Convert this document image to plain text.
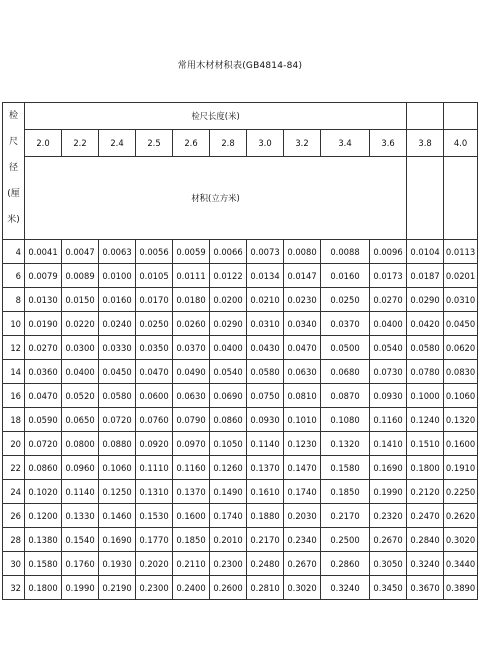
常用木材材积表(GB4814-84)
检
尺
径
(厘
米)	检尺长度(米)											
	2.0	2.2	2.4	2.5	2.6	2.8	3.0	3.2	3.4	3.6	3.8	4.0
	材积(立方米)											
4	0.0041	0.0047	0.0063	0.0056	0.0059	0.0066	0.0073	0.0080	0.0088	0.0096	0.0104	0.0113
6	0.0079	0.0089	0.0100	0.0105	0.0111	0.0122	0.0134	0.0147	0.0160	0.0173	0.0187	0.0201
8	0.0130	0.0150	0.0160	0.0170	0.0180	0.0200	0.0210	0.0230	0.0250	0.0270	0.0290	0.0310
10	0.0190	0.0220	0.0240	0.0250	0.0260	0.0290	0.0310	0.0340	0.0370	0.0400	0.0420	0.0450
12	0.0270	0.0300	0.0330	0.0350	0.0370	0.0400	0.0430	0.0470	0.0500	0.0540	0.0580	0.0620
14	0.0360	0.0400	0.0450	0.0470	0.0490	0.0540	0.0580	0.0630	0.0680	0.0730	0.0780	0.0830
16	0.0470	0.0520	0.0580	0.0600	0.0630	0.0690	0.0750	0.0810	0.0870	0.0930	0.1000	0.1060
18	0.0590	0.0650	0.0720	0.0760	0.0790	0.0860	0.0930	0.1010	0.1080	0.1160	0.1240	0.1320
20	0.0720	0.0800	0.0880	0.0920	0.0970	0.1050	0.1140	0.1230	0.1320	0.1410	0.1510	0.1600
22	0.0860	0.0960	0.1060	0.1110	0.1160	0.1260	0.1370	0.1470	0.1580	0.1690	0.1800	0.1910
24	0.1020	0.1140	0.1250	0.1310	0.1370	0.1490	0.1610	0.1740	0.1850	0.1990	0.2120	0.2250
26	0.1200	0.1330	0.1460	0.1530	0.1600	0.1740	0.1880	0.2030	0.2170	0.2320	0.2470	0.2620
28	0.1380	0.1540	0.1690	0.1770	0.1850	0.2010	0.2170	0.2340	0.2500	0.2670	0.2840	0.3020
30	0.1580	0.1760	0.1930	0.2020	0.2110	0.2300	0.2480	0.2670	0.2860	0.3050	0.3240	0.3440
32	0.1800	0.1990	0.2190	0.2300	0.2400	0.2600	0.2810	0.3020	0.3240	0.3450	0.3670	0.3890
